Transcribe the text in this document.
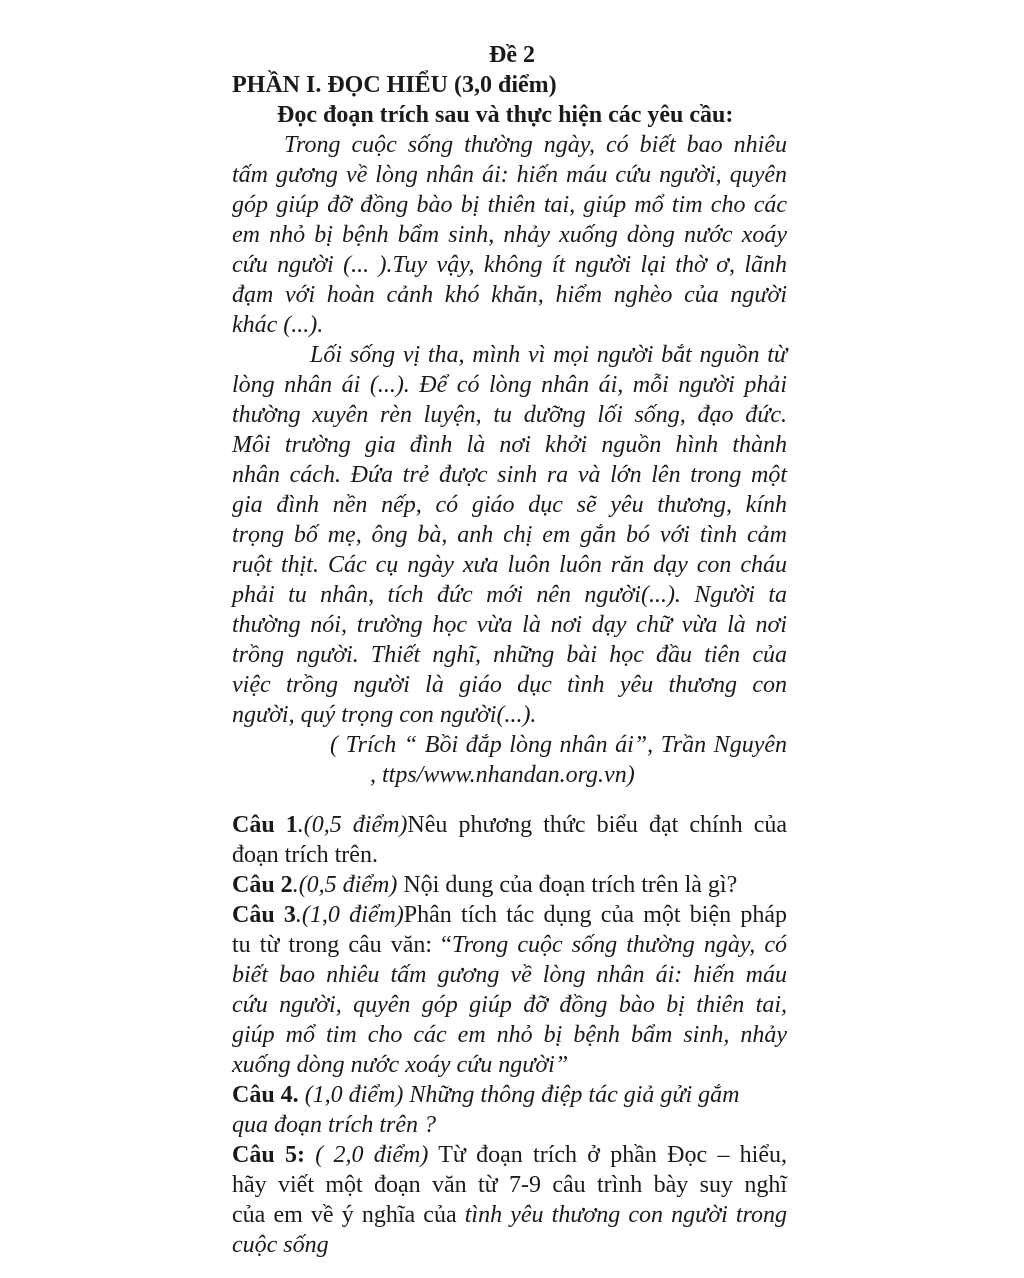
Đề 2
PHẦN I. ĐỌC HIỂU (3,0 điểm)
Đọc đoạn trích sau và thực hiện các yêu cầu:
Trong cuộc sống thường ngày, có biết bao nhiêu
tấm gương về lòng nhân ái: hiến máu cứu người, quyên
góp giúp đỡ đồng bào bị thiên tai, giúp mổ tim cho các
em nhỏ bị bệnh bẩm sinh, nhảy xuống dòng nước xoáy
cứu người (... ).Tuy vậy, không ít người lại thờ ơ, lãnh
đạm với hoàn cảnh khó khăn, hiểm nghèo của người
khác (...).
Lối sống vị tha, mình vì mọi người bắt nguồn từ
lòng nhân ái (...). Để có lòng nhân ái, mỗi người phải
thường xuyên rèn luyện, tu dưỡng lối sống, đạo đức.
Môi trường gia đình là nơi khởi nguồn hình thành
nhân cách. Đứa trẻ được sinh ra và lớn lên trong một
gia đình nền nếp, có giáo dục sẽ yêu thương, kính
trọng bố mẹ, ông bà, anh chị em gắn bó với tình cảm
ruột thịt. Các cụ ngày xưa luôn luôn răn dạy con cháu
phải tu nhân, tích đức mới nên người(...). Người ta
thường nói, trường học vừa là nơi dạy chữ vừa là nơi
trồng người. Thiết nghĩ, những bài học đầu tiên của
việc trồng người là giáo dục tình yêu thương con
người, quý trọng con người(...).
( Trích “ Bồi đắp lòng nhân ái”, Trần Nguyên
, ttps/www.nhandan.org.vn)
Câu 1.(0,5 điểm)Nêu phương thức biểu đạt chính của
đoạn trích trên.
Câu 2.(0,5 điểm) Nội dung của đoạn trích trên là gì?
Câu 3.(1,0 điểm)Phân tích tác dụng của một biện pháp
tu từ trong câu văn: “Trong cuộc sống thường ngày, có
biết bao nhiêu tấm gương về lòng nhân ái: hiến máu
cứu người, quyên góp giúp đỡ đồng bào bị thiên tai,
giúp mổ tim cho các em nhỏ bị bệnh bẩm sinh, nhảy
xuống dòng nước xoáy cứu người”
Câu 4. (1,0 điểm) Những thông điệp tác giả gửi gắm
qua đoạn trích trên ?
Câu 5: ( 2,0 điểm) Từ đoạn trích ở phần Đọc – hiểu,
hãy viết một đoạn văn từ 7-9 câu trình bày suy nghĩ
của em về ý nghĩa của tình yêu thương con người trong
cuộc sống
